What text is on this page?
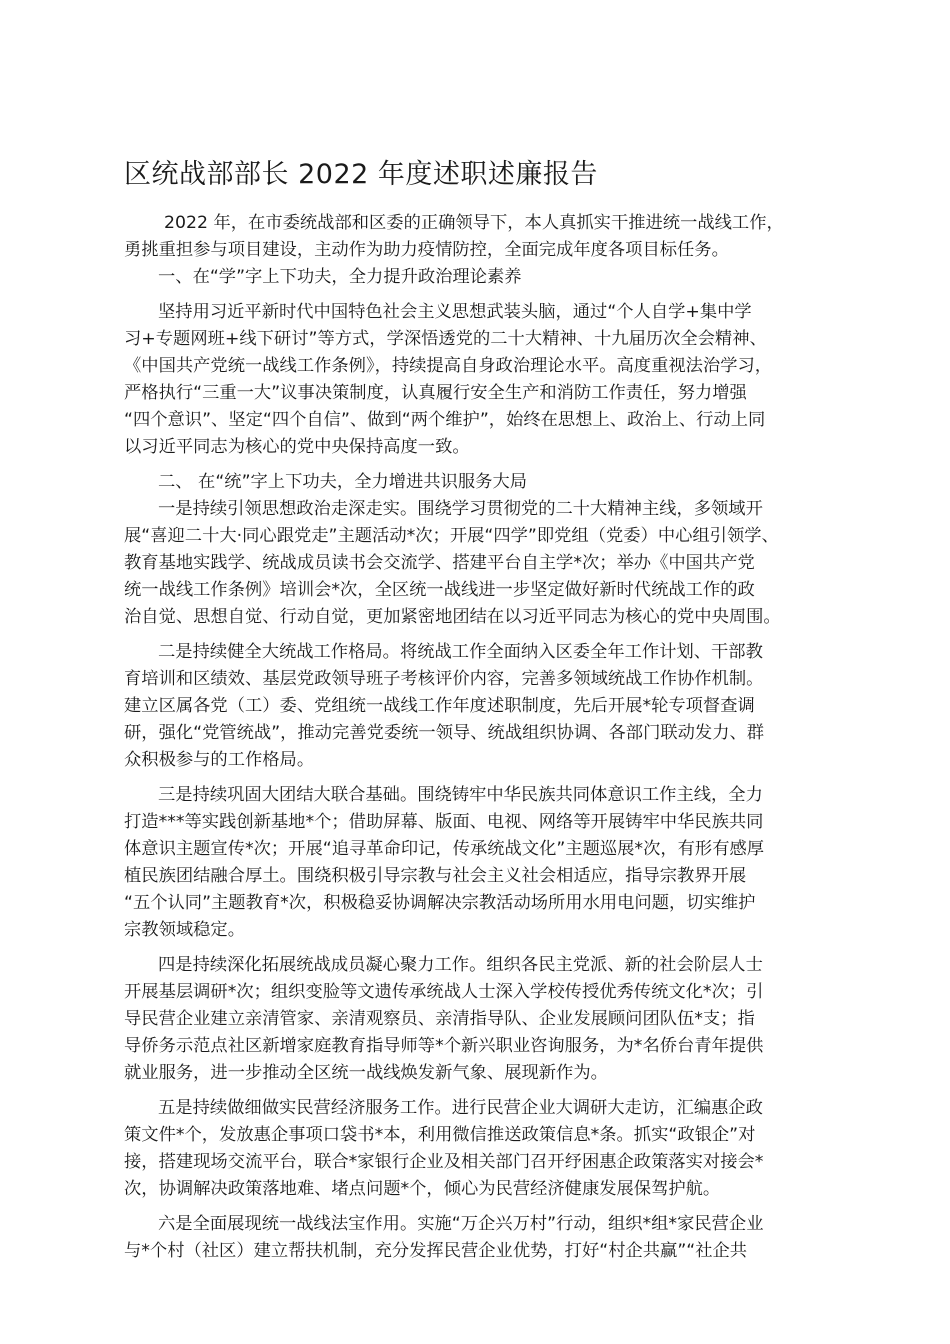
区统战部部长 2022 年度述职述廉报告
2022 年，在市委统战部和区委的正确领导下，本人真抓实干推进统一战线工作，
勇挑重担参与项目建设，主动作为助力疫情防控，全面完成年度各项目标任务。
一、在“学”字上下功夫，全力提升政治理论素养
坚持用习近平新时代中国特色社会主义思想武装头脑，通过“个人自学+集中学
习+专题网班+线下研讨”等方式，学深悟透党的二十大精神、十九届历次全会精神、
《中国共产党统一战线工作条例》，持续提高自身政治理论水平。高度重视法治学习，
严格执行“三重一大”议事决策制度，认真履行安全生产和消防工作责任，努力增强
“四个意识”、坚定“四个自信”、做到“两个维护”，始终在思想上、政治上、行动上同
以习近平同志为核心的党中央保持高度一致。
二、 在“统”字上下功夫，全力增进共识服务大局
一是持续引领思想政治走深走实。围绕学习贯彻党的二十大精神主线，多领域开
展“喜迎二十大·同心跟党走”主题活动*次；开展“四学”即党组（党委）中心组引领学、
教育基地实践学、统战成员读书会交流学、搭建平台自主学*次；举办《中国共产党
统一战线工作条例》培训会*次，全区统一战线进一步坚定做好新时代统战工作的政
治自觉、思想自觉、行动自觉，更加紧密地团结在以习近平同志为核心的党中央周围。
二是持续健全大统战工作格局。将统战工作全面纳入区委全年工作计划、干部教
育培训和区绩效、基层党政领导班子考核评价内容，完善多领域统战工作协作机制。
建立区属各党（工）委、党组统一战线工作年度述职制度，先后开展*轮专项督查调
研，强化“党管统战”，推动完善党委统一领导、统战组织协调、各部门联动发力、群
众积极参与的工作格局。
三是持续巩固大团结大联合基础。围绕铸牢中华民族共同体意识工作主线，全力
打造***等实践创新基地*个；借助屏幕、版面、电视、网络等开展铸牢中华民族共同
体意识主题宣传*次；开展“追寻革命印记，传承统战文化”主题巡展*次，有形有感厚
植民族团结融合厚土。围绕积极引导宗教与社会主义社会相适应，指导宗教界开展
“五个认同”主题教育*次，积极稳妥协调解决宗教活动场所用水用电问题，切实维护
宗教领域稳定。
四是持续深化拓展统战成员凝心聚力工作。组织各民主党派、新的社会阶层人士
开展基层调研*次；组织变脸等文遗传承统战人士深入学校传授优秀传统文化*次；引
导民营企业建立亲清管家、亲清观察员、亲清指导队、企业发展顾问团队伍*支；指
导侨务示范点社区新增家庭教育指导师等*个新兴职业咨询服务，为*名侨台青年提供
就业服务，进一步推动全区统一战线焕发新气象、展现新作为。
五是持续做细做实民营经济服务工作。进行民营企业大调研大走访，汇编惠企政
策文件*个，发放惠企事项口袋书*本，利用微信推送政策信息*条。抓实“政银企”对
接，搭建现场交流平台，联合*家银行企业及相关部门召开纾困惠企政策落实对接会*
次，协调解决政策落地难、堵点问题*个，倾心为民营经济健康发展保驾护航。
六是全面展现统一战线法宝作用。实施“万企兴万村”行动，组织*组*家民营企业
与*个村（社区）建立帮扶机制，充分发挥民营企业优势，打好“村企共赢”“社企共
